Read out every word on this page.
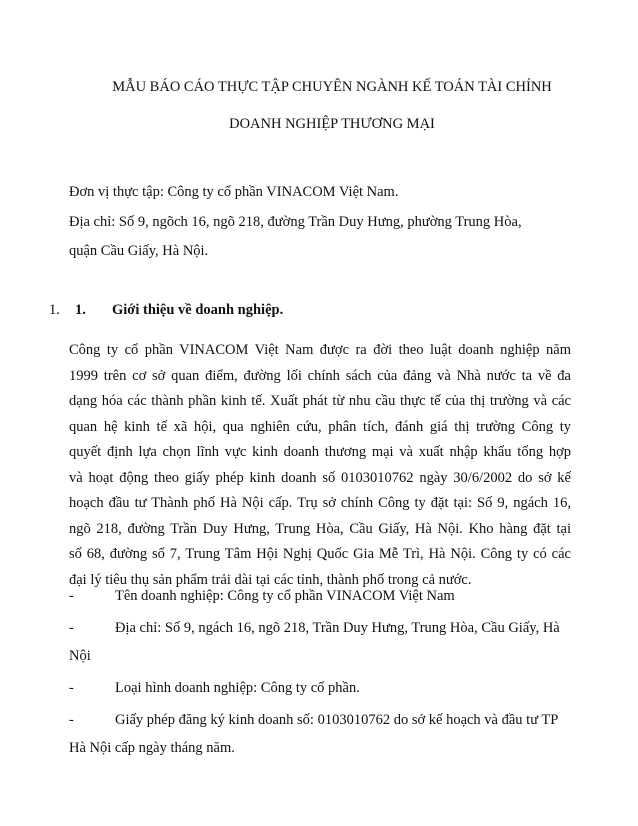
MẪU BÁO CÁO THỰC TẬP CHUYÊN NGÀNH KẾ TOÁN TÀI CHÍNH
DOANH NGHIỆP THƯƠNG MẠI
Đơn vị thực tập: Công ty cổ phần VINACOM Việt Nam.
Địa chỉ: Số 9, ngõch 16, ngõ 218, đường Trần Duy Hưng, phường Trung Hòa,
quận Cầu Giấy, Hà Nội.
1. 1. Giới thiệu về doanh nghiệp.
Công ty cổ phần VINACOM Việt Nam được ra đời theo luật doanh nghiệp năm
1999 trên cơ sở quan điểm, đường lối chính sách của đảng và Nhà nước ta về đa
dạng hóa các thành phần kinh tế. Xuất phát từ nhu cầu thực tế của thị trường và các
quan hệ kinh tế xã hội, qua nghiên cứu, phân tích, đánh giá thị trường Công ty
quyết định lựa chọn lĩnh vực kinh doanh thương mại và xuất nhập khẩu tổng hợp
và hoạt động theo giấy phép kinh doanh số 0103010762 ngày 30/6/2002 do sở kế
hoạch đầu tư Thành phố Hà Nội cấp. Trụ sở chính Công ty đặt tại: Số 9, ngách 16,
ngõ 218, đường Trần Duy Hưng, Trung Hòa, Cầu Giấy, Hà Nội. Kho hàng đặt tại
số 68, đường số 7, Trung Tâm Hội Nghị Quốc Gia Mễ Trì, Hà Nội. Công ty có các
đại lý tiêu thụ sản phẩm trải dài tại các tỉnh, thành phố trong cả nước.
-	Tên doanh nghiệp: Công ty cổ phần VINACOM Việt Nam
-	Địa chỉ: Số 9, ngách 16, ngõ 218, Trần Duy Hưng, Trung Hòa, Cầu Giấy, Hà Nội
-	Loại hình doanh nghiệp: Công ty cổ phần.
-	Giấy phép đăng ký kinh doanh số: 0103010762 do sở kế hoạch và đầu tư TP Hà Nội cấp ngày tháng năm.
